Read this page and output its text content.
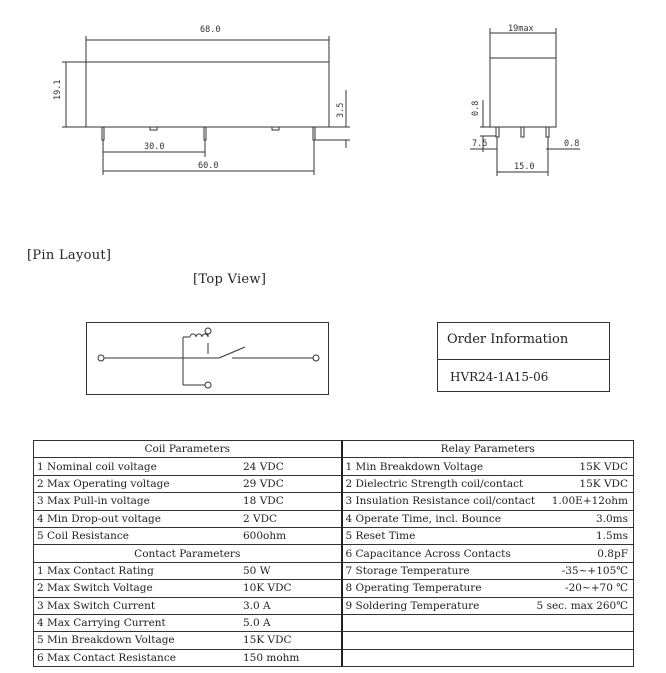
68.0
19.1
3.5
30.0
60.0
19max
0.8
7.5	0.8
15.0
[Pin Layout]
[Top View]
Order Information
HVR24-1A15-06
Coil Parameters	Relay Parameters

1 Nominal coil voltage 24 VDC	1 Min Breakdown Voltage 15K VDC

2 Max Operating voltage 29 VDC	2 Dielectric Strength coil/contact 15K VDC

3 Max Pull-in voltage 18 VDC	3 Insulation Resistance coil/contact 1.00E+12ohm

4 Min Drop-out voltage 2 VDC	4 Operate Time, incl. Bounce 3.0ms

5 Coil Resistance 600ohm	5 Reset Time 1.5ms

Contact Parameters	6 Capacitance Across Contacts 0.8pF

1 Max Contact Rating 50 W	7 Storage Temperature -35~+105℃

2 Max Switch Voltage 10K VDC	8 Operating Temperature -20~+70 ℃

3 Max Switch Current 3.0 A	9 Soldering Temperature 5 sec. max 260℃

4 Max Carrying Current 5.0 A	

5 Min Breakdown Voltage 15K VDC	

6 Max Contact Resistance 150 mohm	
